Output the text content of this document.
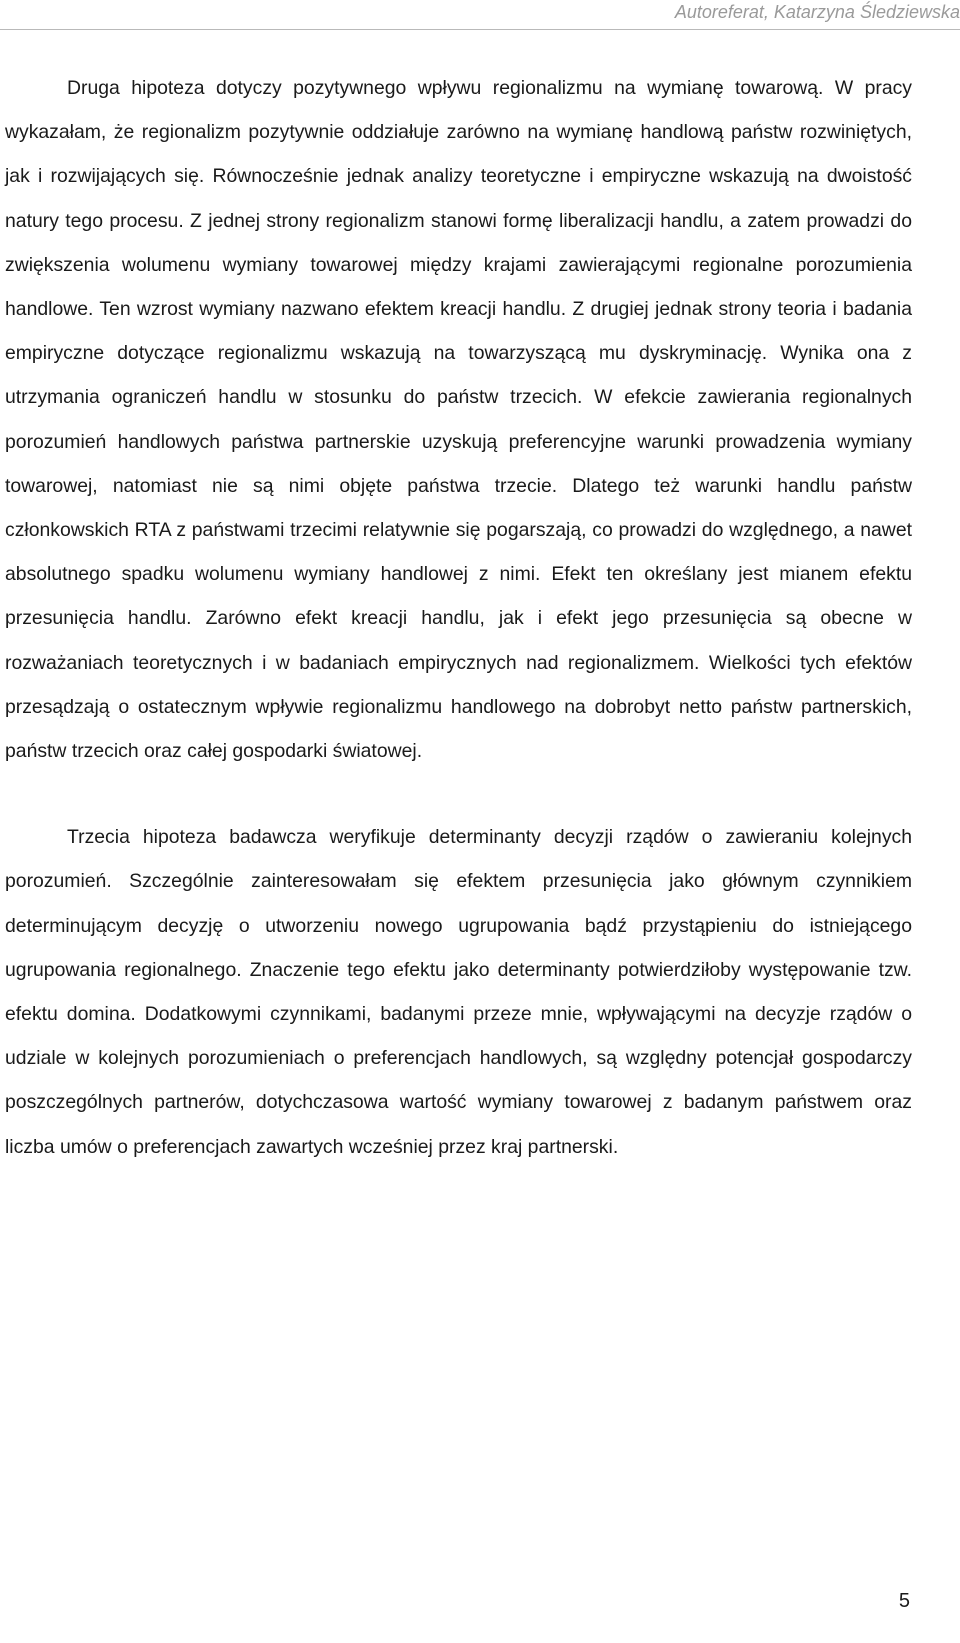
Autoreferat, Katarzyna Śledziewska

Druga hipoteza dotyczy pozytywnego wpływu regionalizmu na wymianę towarową. W pracy wykazałam, że regionalizm pozytywnie oddziałuje zarówno na wymianę handlową państw rozwiniętych, jak i rozwijających się. Równocześnie jednak analizy teoretyczne i empiryczne wskazują na dwoistość natury tego procesu. Z jednej strony regionalizm stanowi formę liberalizacji handlu, a zatem prowadzi do zwiększenia wolumenu wymiany towarowej między krajami zawierającymi regionalne porozumienia handlowe. Ten wzrost wymiany nazwano efektem kreacji handlu. Z drugiej jednak strony teoria i badania empiryczne dotyczące regionalizmu wskazują na towarzyszącą mu dyskryminację. Wynika ona z utrzymania ograniczeń handlu w stosunku do państw trzecich. W efekcie zawierania regionalnych porozumień handlowych państwa partnerskie uzyskują preferencyjne warunki prowadzenia wymiany towarowej, natomiast nie są nimi objęte państwa trzecie. Dlatego też warunki handlu państw członkowskich RTA z państwami trzecimi relatywnie się pogarszają, co prowadzi do względnego, a nawet absolutnego spadku wolumenu wymiany handlowej z nimi. Efekt ten określany jest mianem efektu przesunięcia handlu. Zarówno efekt kreacji handlu, jak i efekt jego przesunięcia są obecne w rozważaniach teoretycznych i w badaniach empirycznych nad regionalizmem. Wielkości tych efektów przesądzają o ostatecznym wpływie regionalizmu handlowego na dobrobyt netto państw partnerskich, państw trzecich oraz całej gospodarki światowej.

Trzecia hipoteza badawcza weryfikuje determinanty decyzji rządów o zawieraniu kolejnych porozumień. Szczególnie zainteresowałam się efektem przesunięcia jako głównym czynnikiem determinującym decyzję o utworzeniu nowego ugrupowania bądź przystąpieniu do istniejącego ugrupowania regionalnego. Znaczenie tego efektu jako determinanty potwierdziłoby występowanie tzw. efektu domina. Dodatkowymi czynnikami, badanymi przeze mnie, wpływającymi na decyzje rządów o udziale w kolejnych porozumieniach o preferencjach handlowych, są względny potencjał gospodarczy poszczególnych partnerów, dotychczasowa wartość wymiany towarowej z badanym państwem oraz liczba umów o preferencjach zawartych wcześniej przez kraj partnerski.

5
